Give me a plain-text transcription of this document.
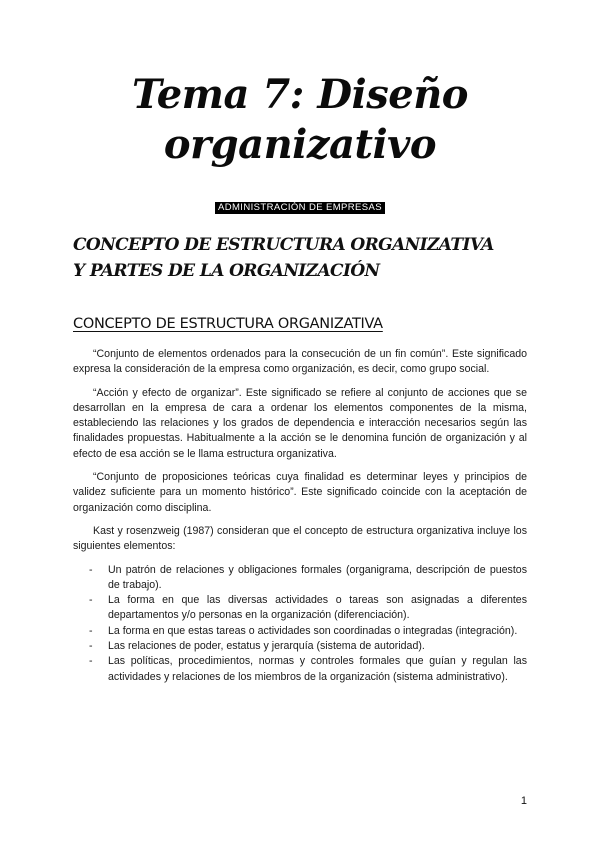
Tema 7: Diseño
organizativo
ADMINISTRACIÓN DE EMPRESAS
CONCEPTO DE ESTRUCTURA ORGANIZATIVA
Y PARTES DE LA ORGANIZACIÓN
CONCEPTO DE ESTRUCTURA ORGANIZATIVA

“Conjunto de elementos ordenados para la consecución de un fin común”. Este significado expresa la consideración de la empresa como organización, es decir, como grupo social.

“Acción y efecto de organizar”. Este significado se refiere al conjunto de acciones que se desarrollan en la empresa de cara a ordenar los elementos componentes de la misma, estableciendo las relaciones y los grados de dependencia e interacción necesarios según las finalidades propuestas. Habitualmente a la acción se le denomina función de organización y al efecto de esa acción se le llama estructura organizativa.

“Conjunto de proposiciones teóricas cuya finalidad es determinar leyes y principios de validez suficiente para un momento histórico”. Este significado coincide con la aceptación de organización como disciplina.

Kast y rosenzweig (1987) consideran que el concepto de estructura organizativa incluye los siguientes elementos:

- Un patrón de relaciones y obligaciones formales (organigrama, descripción de puestos de trabajo).
- La forma en que las diversas actividades o tareas son asignadas a diferentes departamentos y/o personas en la organización (diferenciación).
- La forma en que estas tareas o actividades son coordinadas o integradas (integración).
- Las relaciones de poder, estatus y jerarquía (sistema de autoridad).
- Las políticas, procedimientos, normas y controles formales que guían y regulan las actividades y relaciones de los miembros de la organización (sistema administrativo).
1
